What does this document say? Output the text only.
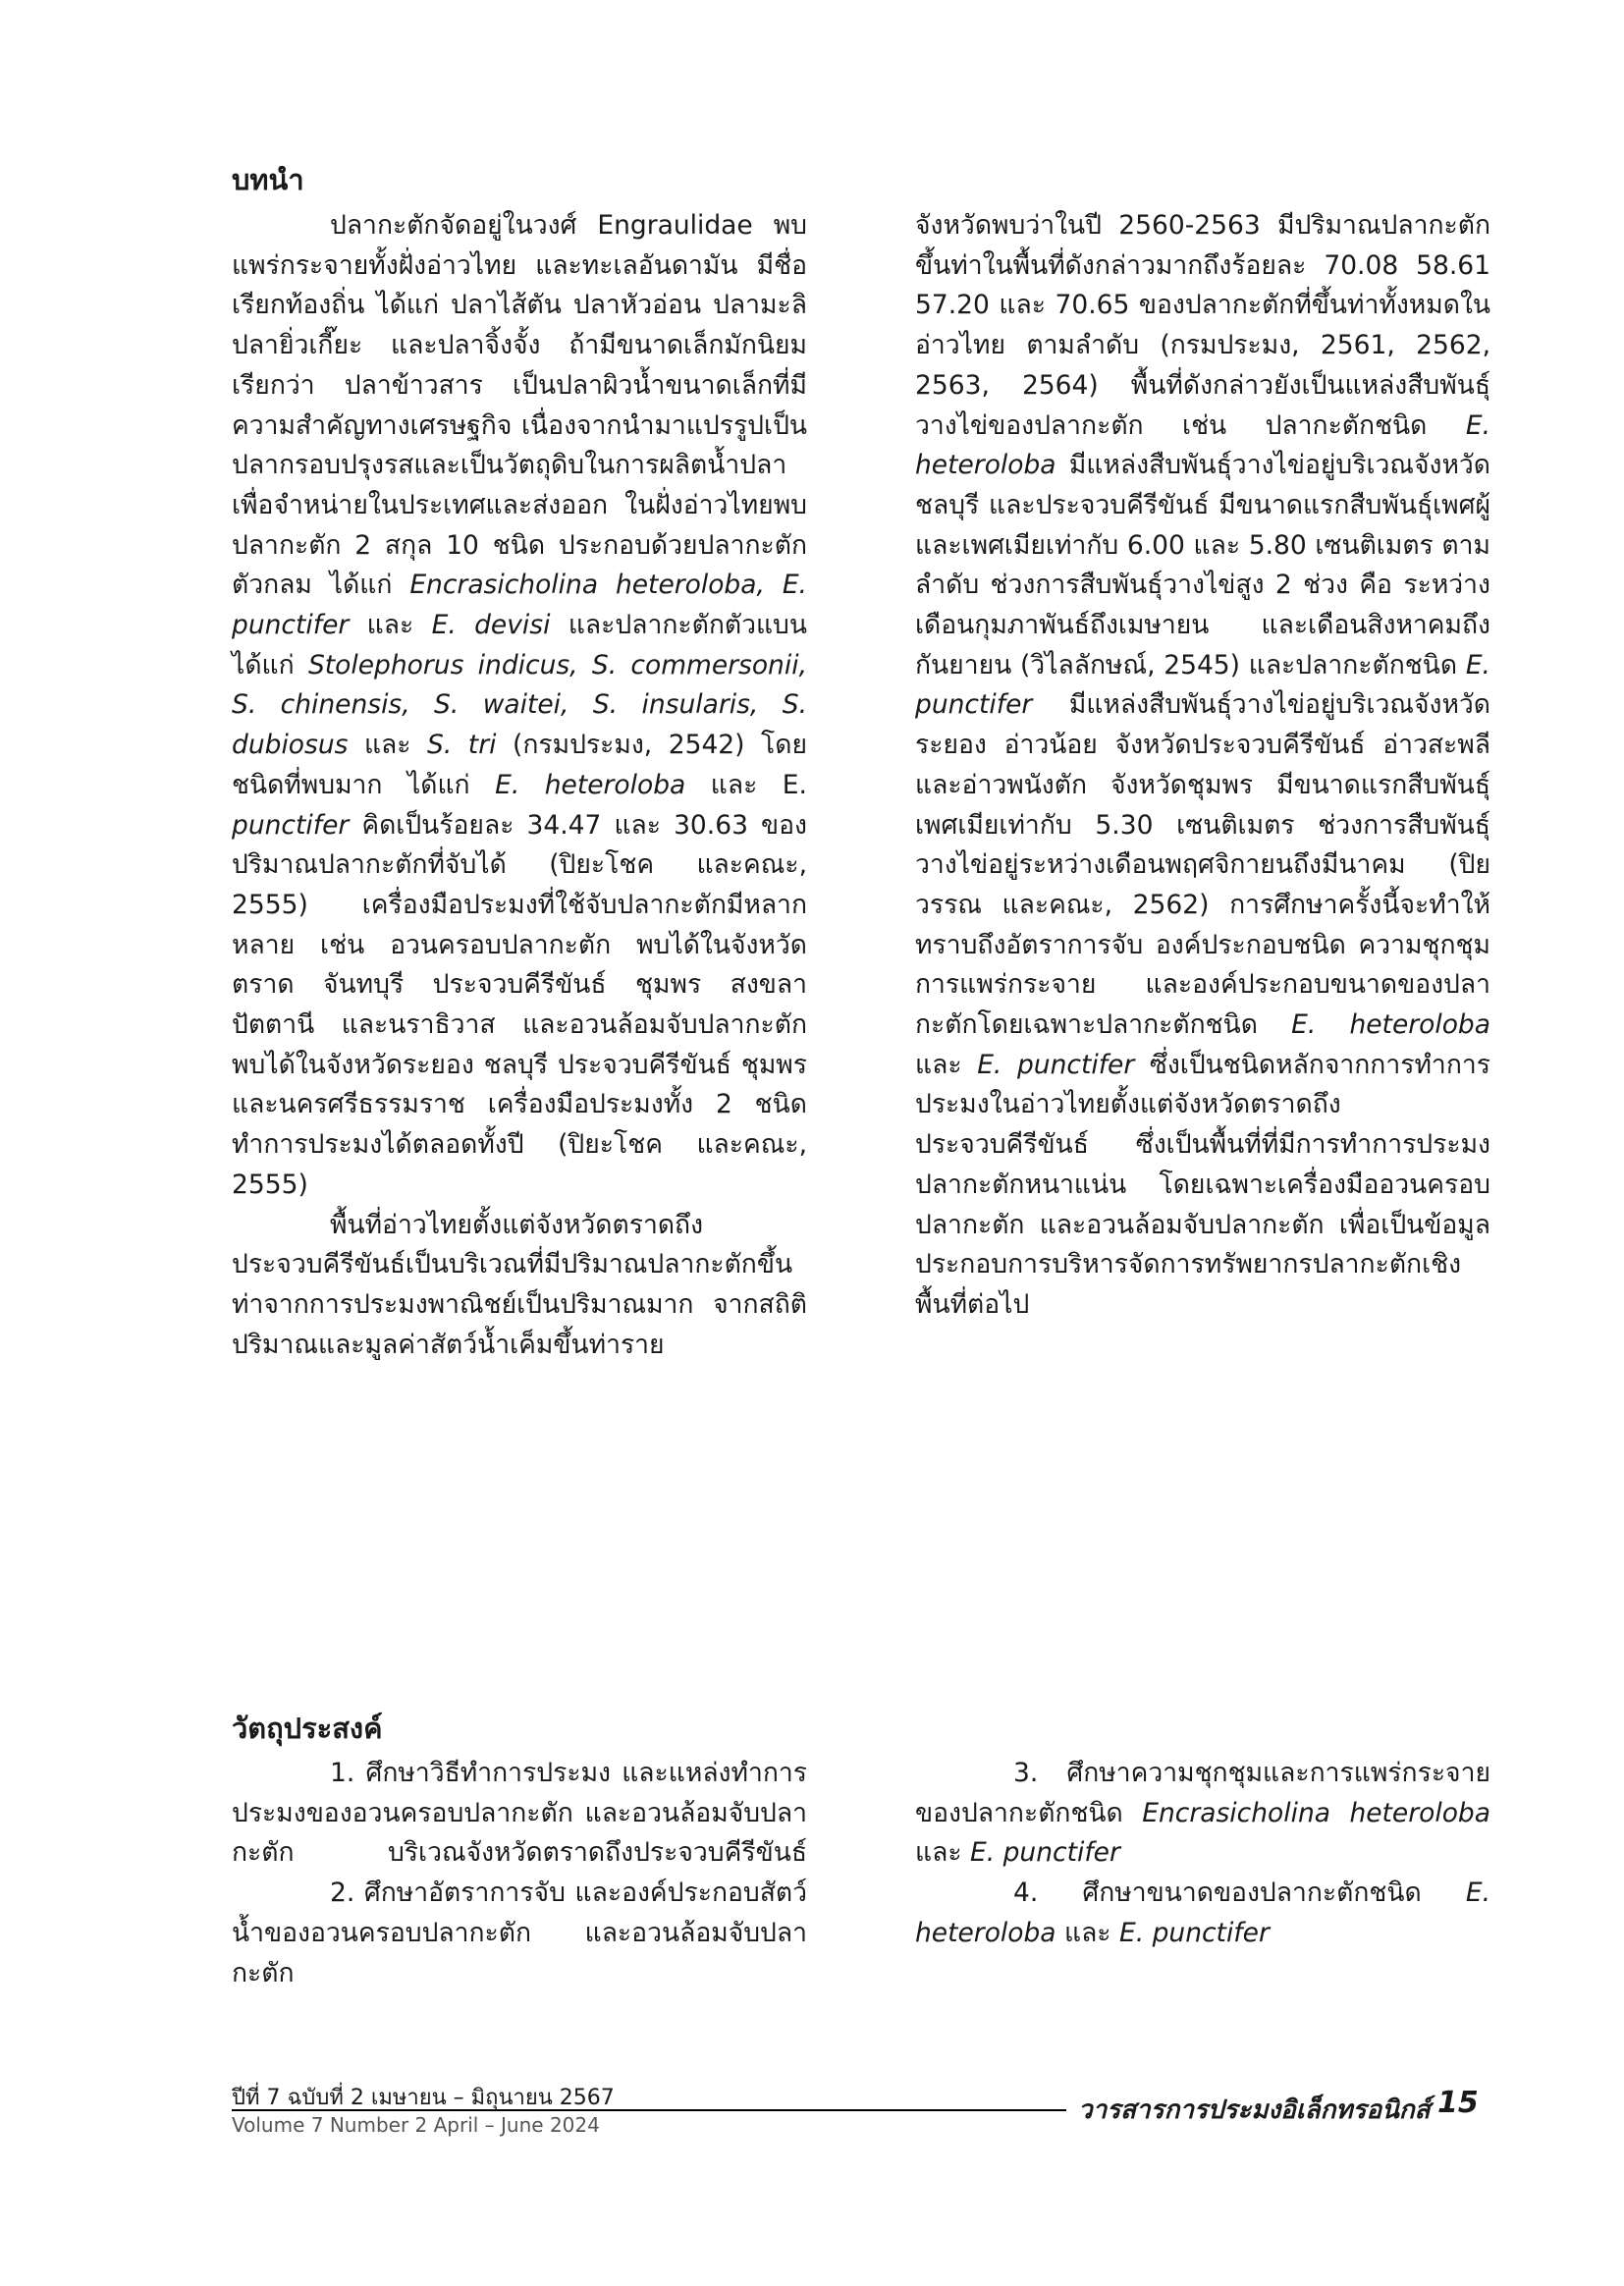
บทนำ

ปลากะตักจัดอยู่ในวงศ์ Engraulidae พบแพร่กระจายทั้งฝั่งอ่าวไทย และทะเลอันดามัน มีชื่อเรียกท้องถิ่น ได้แก่ ปลาไส้ตัน ปลาหัวอ่อน ปลามะลิ ปลายิ่วเกี๊ยะ และปลาจิ้งจั้ง ถ้ามีขนาดเล็กมักนิยมเรียกว่า ปลาข้าวสาร เป็นปลาผิวน้ำขนาดเล็กที่มีความสำคัญทางเศรษฐกิจ เนื่องจากนำมาแปรรูปเป็นปลากรอบปรุงรสและเป็นวัตถุดิบในการผลิตน้ำปลา เพื่อจำหน่ายในประเทศและส่งออก ในฝั่งอ่าวไทยพบปลากะตัก 2 สกุล 10 ชนิด ประกอบด้วยปลากะตักตัวกลม ได้แก่ Encrasicholina heteroloba, E. punctifer และ E. devisi และปลากะตักตัวแบน ได้แก่ Stolephorus indicus, S. commersonii, S. chinensis, S. waitei, S. insularis, S. dubiosus และ S. tri (กรมประมง, 2542) โดยชนิดที่พบมาก ได้แก่ E. heteroloba และ E. punctifer คิดเป็นร้อยละ 34.47 และ 30.63 ของปริมาณปลากะตักที่จับได้ (ปิยะโชค และคณะ, 2555) เครื่องมือประมงที่ใช้จับปลากะตักมีหลากหลาย เช่น อวนครอบปลากะตัก พบได้ในจังหวัดตราด จันทบุรี ประจวบคีรีขันธ์ ชุมพร สงขลา ปัตตานี และนราธิวาส และอวนล้อมจับปลากะตัก พบได้ในจังหวัดระยอง ชลบุรี ประจวบคีรีขันธ์ ชุมพร และนครศรีธรรมราช เครื่องมือประมงทั้ง 2 ชนิด ทำการประมงได้ตลอดทั้งปี (ปิยะโชค และคณะ, 2555)

พื้นที่อ่าวไทยตั้งแต่จังหวัดตราดถึงประจวบคีรีขันธ์เป็นบริเวณที่มีปริมาณปลากะตักขึ้นท่าจากการประมงพาณิชย์เป็นปริมาณมาก จากสถิติปริมาณและมูลค่าสัตว์น้ำเค็มขึ้นท่าราย

จังหวัดพบว่าในปี 2560-2563 มีปริมาณปลากะตักขึ้นท่าในพื้นที่ดังกล่าวมากถึงร้อยละ 70.08 58.61 57.20 และ 70.65 ของปลากะตักที่ขึ้นท่าทั้งหมดในอ่าวไทย ตามลำดับ (กรมประมง, 2561, 2562, 2563, 2564) พื้นที่ดังกล่าวยังเป็นแหล่งสืบพันธุ์วางไข่ของปลากะตัก เช่น ปลากะตักชนิด E. heteroloba มีแหล่งสืบพันธุ์วางไข่อยู่บริเวณจังหวัดชลบุรี และประจวบคีรีขันธ์ มีขนาดแรกสืบพันธุ์เพศผู้และเพศเมียเท่ากับ 6.00 และ 5.80 เซนติเมตร ตามลำดับ ช่วงการสืบพันธุ์วางไข่สูง 2 ช่วง คือ ระหว่างเดือนกุมภาพันธ์ถึงเมษายน และเดือนสิงหาคมถึงกันยายน (วิไลลักษณ์, 2545) และปลากะตักชนิด E. punctifer มีแหล่งสืบพันธุ์วางไข่อยู่บริเวณจังหวัดระยอง อ่าวน้อย จังหวัดประจวบคีรีขันธ์ อ่าวสะพลี และอ่าวพนังตัก จังหวัดชุมพร มีขนาดแรกสืบพันธุ์เพศเมียเท่ากับ 5.30 เซนติเมตร ช่วงการสืบพันธุ์วางไข่อยู่ระหว่างเดือนพฤศจิกายนถึงมีนาคม (ปิยวรรณ และคณะ, 2562) การศึกษาครั้งนี้จะทำให้ทราบถึงอัตราการจับ องค์ประกอบชนิด ความชุกชุม การแพร่กระจาย และองค์ประกอบขนาดของปลากะตักโดยเฉพาะปลากะตักชนิด E. heteroloba และ E. punctifer ซึ่งเป็นชนิดหลักจากการทำการประมงในอ่าวไทยตั้งแต่จังหวัดตราดถึงประจวบคีรีขันธ์ ซึ่งเป็นพื้นที่ที่มีการทำการประมงปลากะตักหนาแน่น โดยเฉพาะเครื่องมืออวนครอบปลากะตัก และอวนล้อมจับปลากะตัก เพื่อเป็นข้อมูลประกอบการบริหารจัดการทรัพยากรปลากะตักเชิงพื้นที่ต่อไป

วัตถุประสงค์

1. ศึกษาวิธีทำการประมง และแหล่งทำการประมงของอวนครอบปลากะตัก และอวนล้อมจับปลากะตัก บริเวณจังหวัดตราดถึงประจวบคีรีขันธ์

2. ศึกษาอัตราการจับ และองค์ประกอบสัตว์น้ำของอวนครอบปลากะตัก และอวนล้อมจับปลากะตัก

3. ศึกษาความชุกชุมและการแพร่กระจายของปลากะตักชนิด Encrasicholina heteroloba และ E. punctifer

4. ศึกษาขนาดของปลากะตักชนิด E. heteroloba และ E. punctifer

ปีที่ 7 ฉบับที่ 2 เมษายน – มิถุนายน 2567
Volume 7 Number 2 April – June 2024	วารสารการประมงอิเล็กทรอนิกส์ 15
